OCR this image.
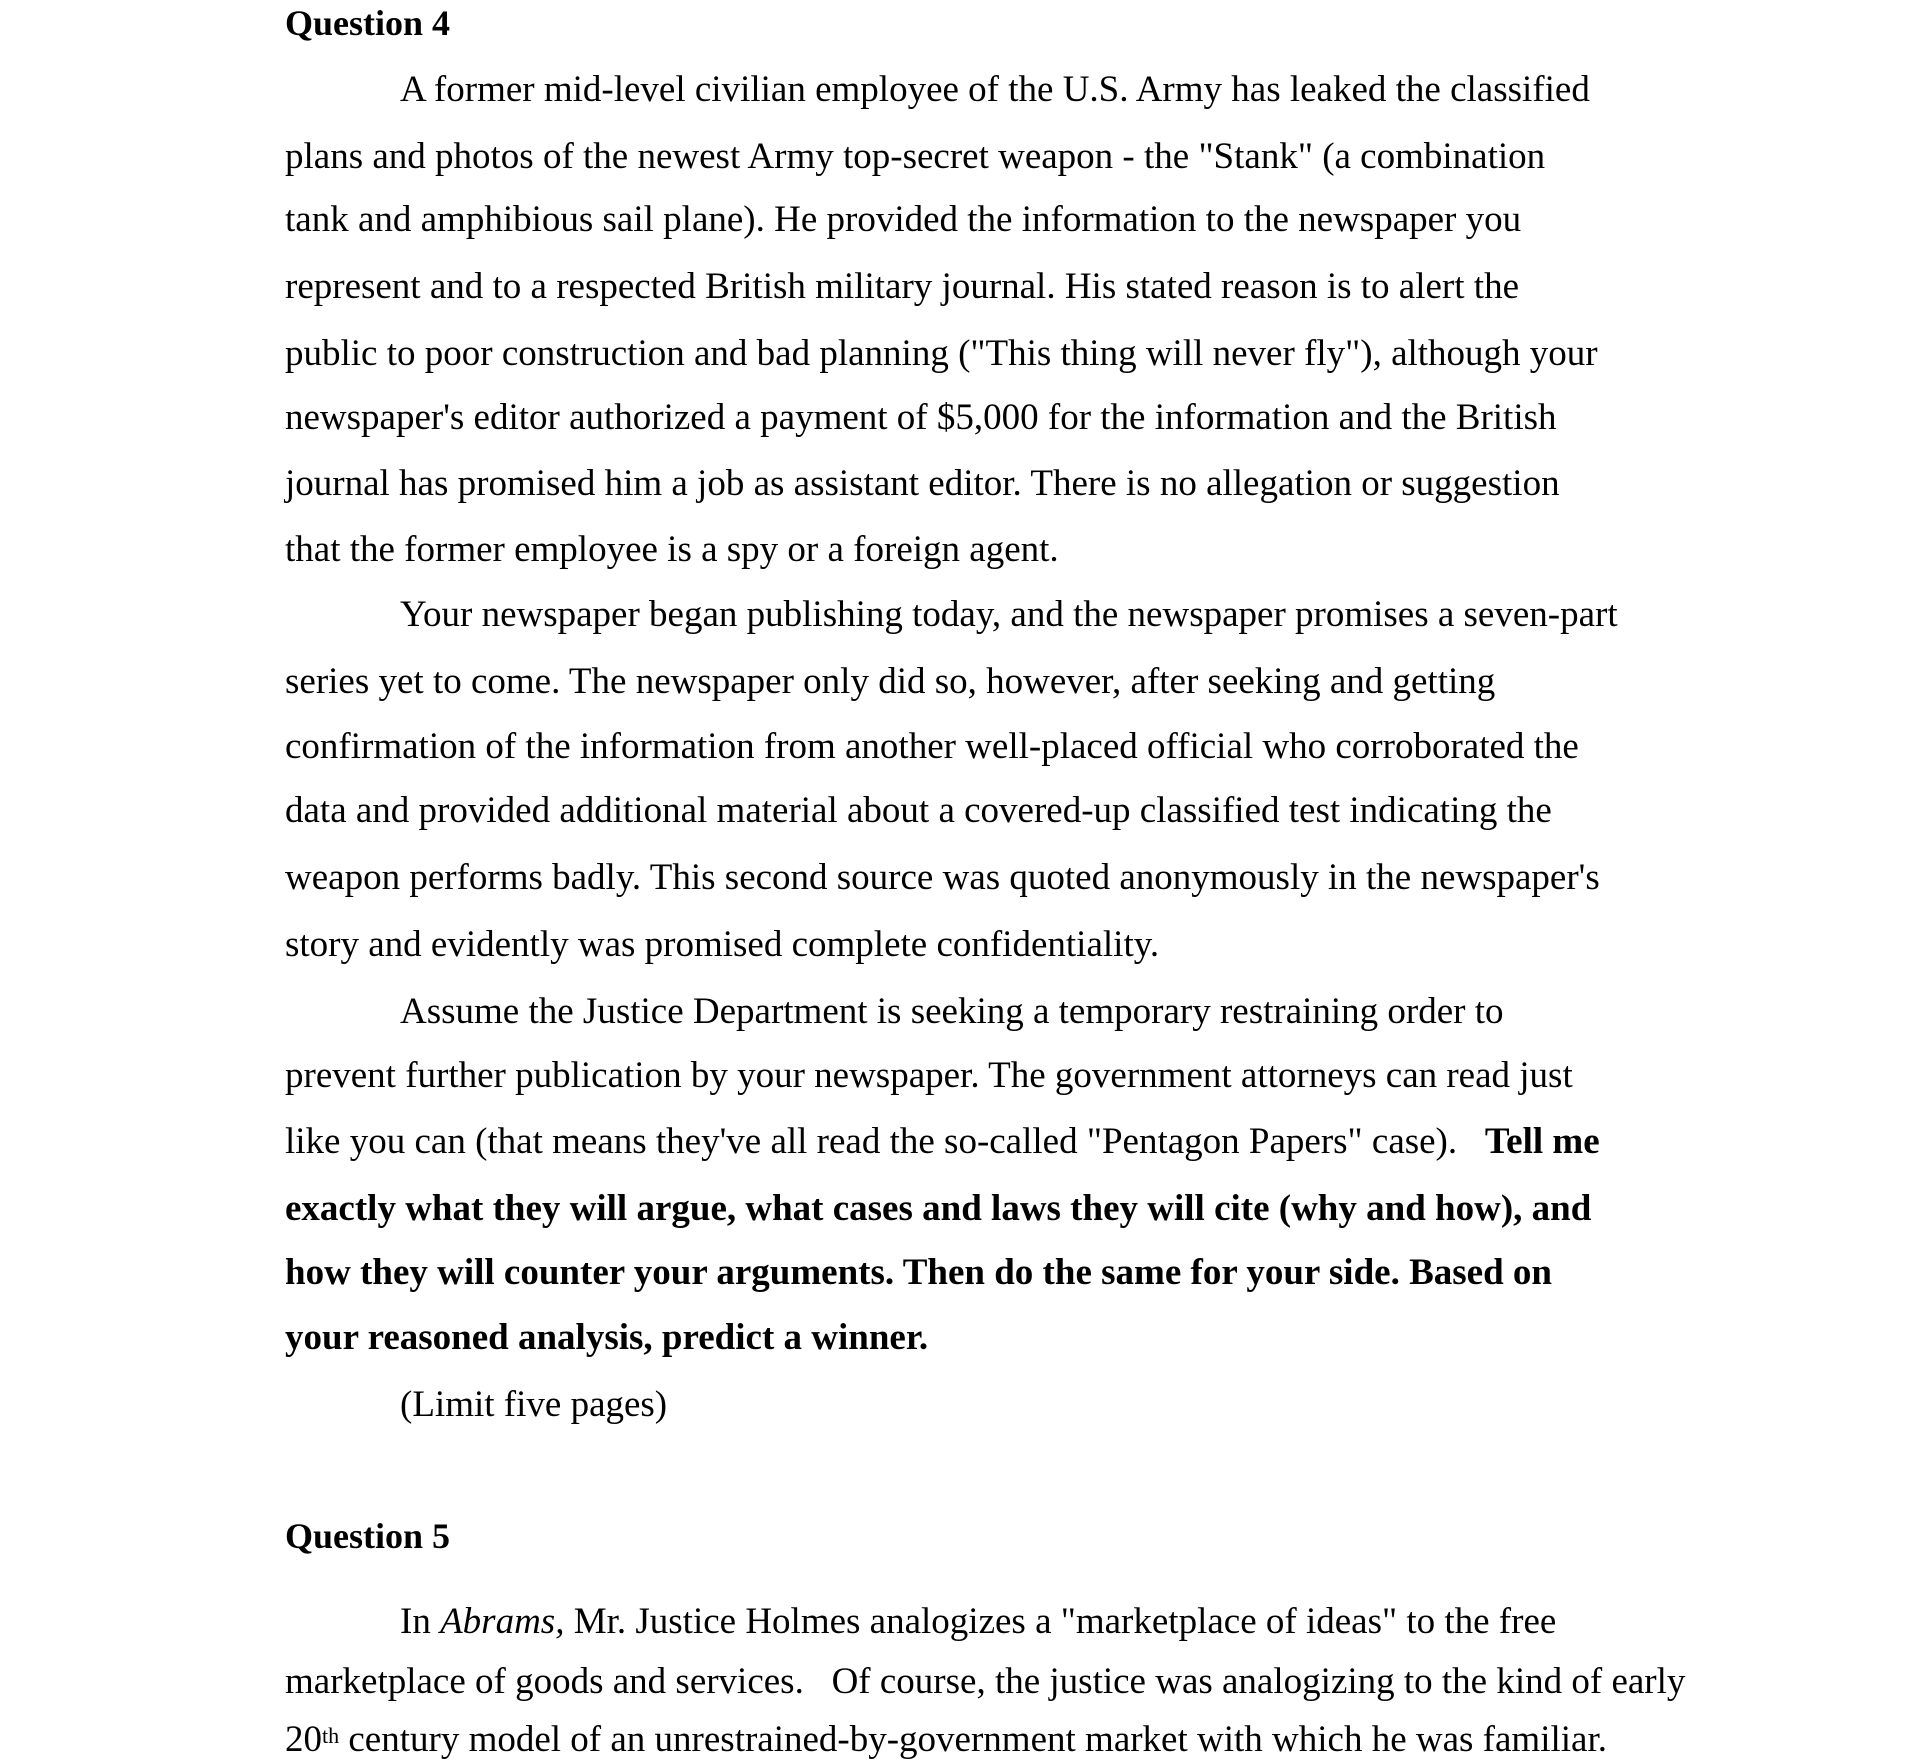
Question 4
A former mid-level civilian employee of the U.S. Army has leaked the classified
plans and photos of the newest Army top-secret weapon - the "Stank" (a combination
tank and amphibious sail plane). He provided the information to the newspaper you
represent and to a respected British military journal. His stated reason is to alert the
public to poor construction and bad planning ("This thing will never fly"), although your
newspaper's editor authorized a payment of $5,000 for the information and the British
journal has promised him a job as assistant editor. There is no allegation or suggestion
that the former employee is a spy or a foreign agent.
Your newspaper began publishing today, and the newspaper promises a seven-part
series yet to come. The newspaper only did so, however, after seeking and getting
confirmation of the information from another well-placed official who corroborated the
data and provided additional material about a covered-up classified test indicating the
weapon performs badly. This second source was quoted anonymously in the newspaper's
story and evidently was promised complete confidentiality.
Assume the Justice Department is seeking a temporary restraining order to
prevent further publication by your newspaper. The government attorneys can read just
like you can (that means they've all read the so-called "Pentagon Papers" case).   Tell me
exactly what they will argue, what cases and laws they will cite (why and how), and
how they will counter your arguments. Then do the same for your side. Based on
your reasoned analysis, predict a winner.
(Limit five pages)
Question 5
In Abrams, Mr. Justice Holmes analogizes a "marketplace of ideas" to the free
marketplace of goods and services.   Of course, the justice was analogizing to the kind of early
20th century model of an unrestrained-by-government market with which he was familiar.
